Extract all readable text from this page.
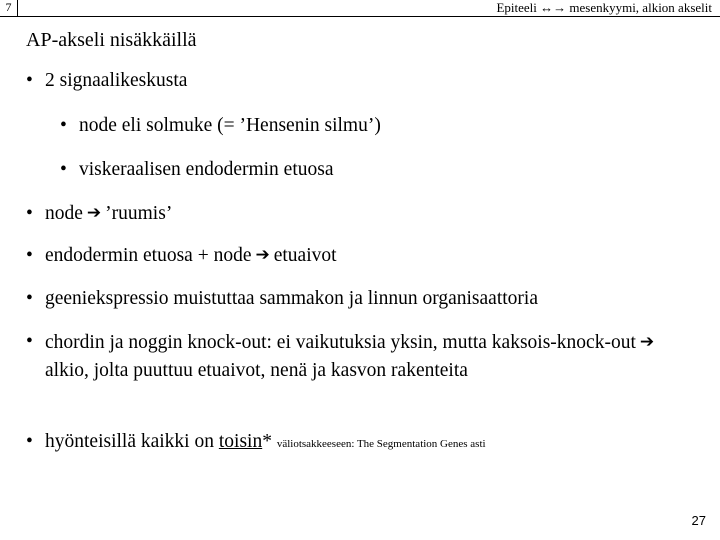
7	Epiteeli ↔→ mesenkyymi, alkion akselit
AP-akseli nisäkkäillä
• 2 signaalikeskusta
• node eli solmuke (= ’Hensenin silmu’)
• viskeraalisen endodermin etuosa
• node ➔ ’ruumis’
• endodermin etuosa + node ➔ etuaivot
• geeniekspressio muistuttaa sammakon ja linnun organisaattoria
• chordin ja noggin knock-out: ei vaikutuksia yksin, mutta kaksois-knock-out ➔alkio, jolta puuttuu etuaivot, nenä ja kasvon rakenteita
• hyönteisillä kaikki on toisin* väliotsakkeeseen: The Segmentation Genes asti
27
